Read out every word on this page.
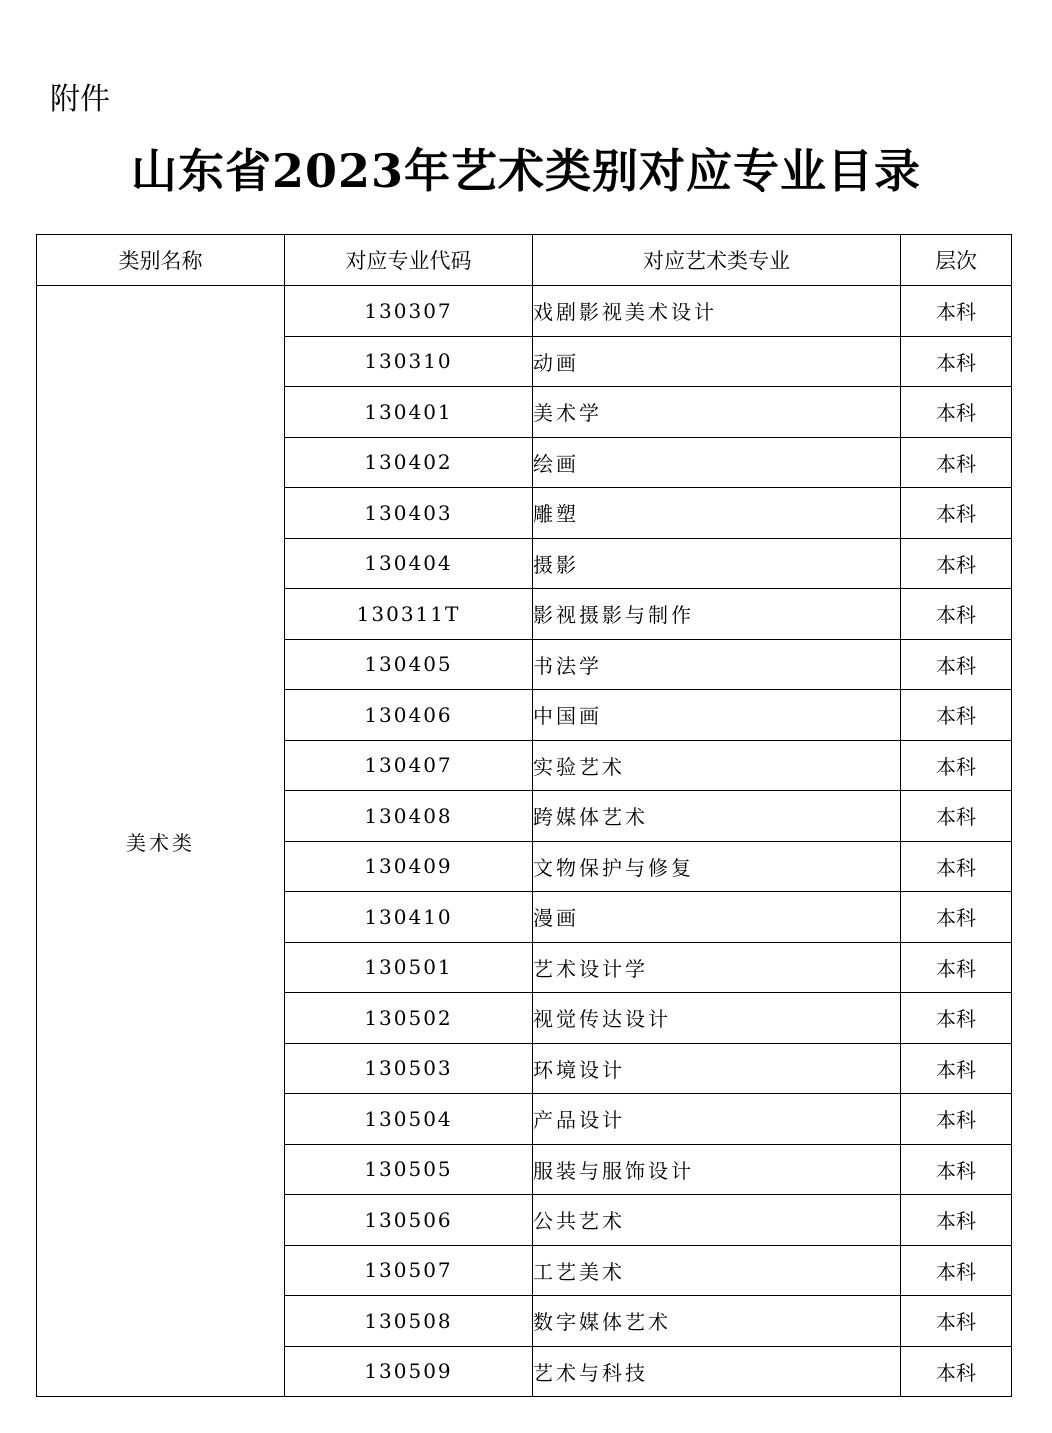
附件
山东省2023年艺术类别对应专业目录
类别名称	对应专业代码	对应艺术类专业	层次
美术类	130307	戏剧影视美术设计	本科
	130310	动画	本科
	130401	美术学	本科
	130402	绘画	本科
	130403	雕塑	本科
	130404	摄影	本科
	130311T	影视摄影与制作	本科
	130405	书法学	本科
	130406	中国画	本科
	130407	实验艺术	本科
	130408	跨媒体艺术	本科
	130409	文物保护与修复	本科
	130410	漫画	本科
	130501	艺术设计学	本科
	130502	视觉传达设计	本科
	130503	环境设计	本科
	130504	产品设计	本科
	130505	服装与服饰设计	本科
	130506	公共艺术	本科
	130507	工艺美术	本科
	130508	数字媒体艺术	本科
	130509	艺术与科技	本科
